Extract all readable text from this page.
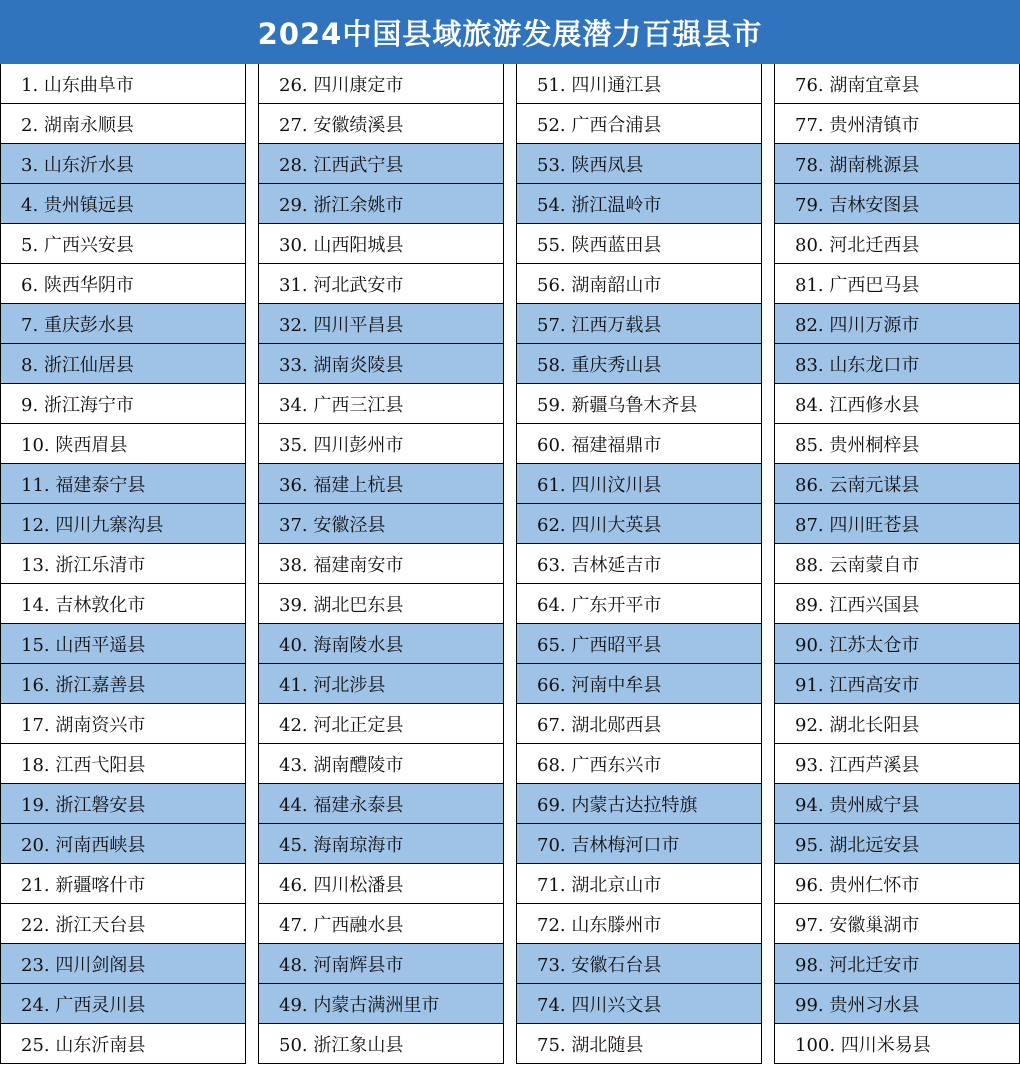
2024中国县域旅游发展潜力百强县市
1. 山东曲阜市
2. 湖南永顺县
3. 山东沂水县
4. 贵州镇远县
5. 广西兴安县
6. 陕西华阴市
7. 重庆彭水县
8. 浙江仙居县
9. 浙江海宁市
10. 陕西眉县
11. 福建泰宁县
12. 四川九寨沟县
13. 浙江乐清市
14. 吉林敦化市
15. 山西平遥县
16. 浙江嘉善县
17. 湖南资兴市
18. 江西弋阳县
19. 浙江磐安县
20. 河南西峡县
21. 新疆喀什市
22. 浙江天台县
23. 四川剑阁县
24. 广西灵川县
25. 山东沂南县
26. 四川康定市
27. 安徽绩溪县
28. 江西武宁县
29. 浙江余姚市
30. 山西阳城县
31. 河北武安市
32. 四川平昌县
33. 湖南炎陵县
34. 广西三江县
35. 四川彭州市
36. 福建上杭县
37. 安徽泾县
38. 福建南安市
39. 湖北巴东县
40. 海南陵水县
41. 河北涉县
42. 河北正定县
43. 湖南醴陵市
44. 福建永泰县
45. 海南琼海市
46. 四川松潘县
47. 广西融水县
48. 河南辉县市
49. 内蒙古满洲里市
50. 浙江象山县
51. 四川通江县
52. 广西合浦县
53. 陕西凤县
54. 浙江温岭市
55. 陕西蓝田县
56. 湖南韶山市
57. 江西万载县
58. 重庆秀山县
59. 新疆乌鲁木齐县
60. 福建福鼎市
61. 四川汶川县
62. 四川大英县
63. 吉林延吉市
64. 广东开平市
65. 广西昭平县
66. 河南中牟县
67. 湖北郧西县
68. 广西东兴市
69. 内蒙古达拉特旗
70. 吉林梅河口市
71. 湖北京山市
72. 山东滕州市
73. 安徽石台县
74. 四川兴文县
75. 湖北随县
76. 湖南宜章县
77. 贵州清镇市
78. 湖南桃源县
79. 吉林安图县
80. 河北迁西县
81. 广西巴马县
82. 四川万源市
83. 山东龙口市
84. 江西修水县
85. 贵州桐梓县
86. 云南元谋县
87. 四川旺苍县
88. 云南蒙自市
89. 江西兴国县
90. 江苏太仓市
91. 江西高安市
92. 湖北长阳县
93. 江西芦溪县
94. 贵州威宁县
95. 湖北远安县
96. 贵州仁怀市
97. 安徽巢湖市
98. 河北迁安市
99. 贵州习水县
100. 四川米易县
